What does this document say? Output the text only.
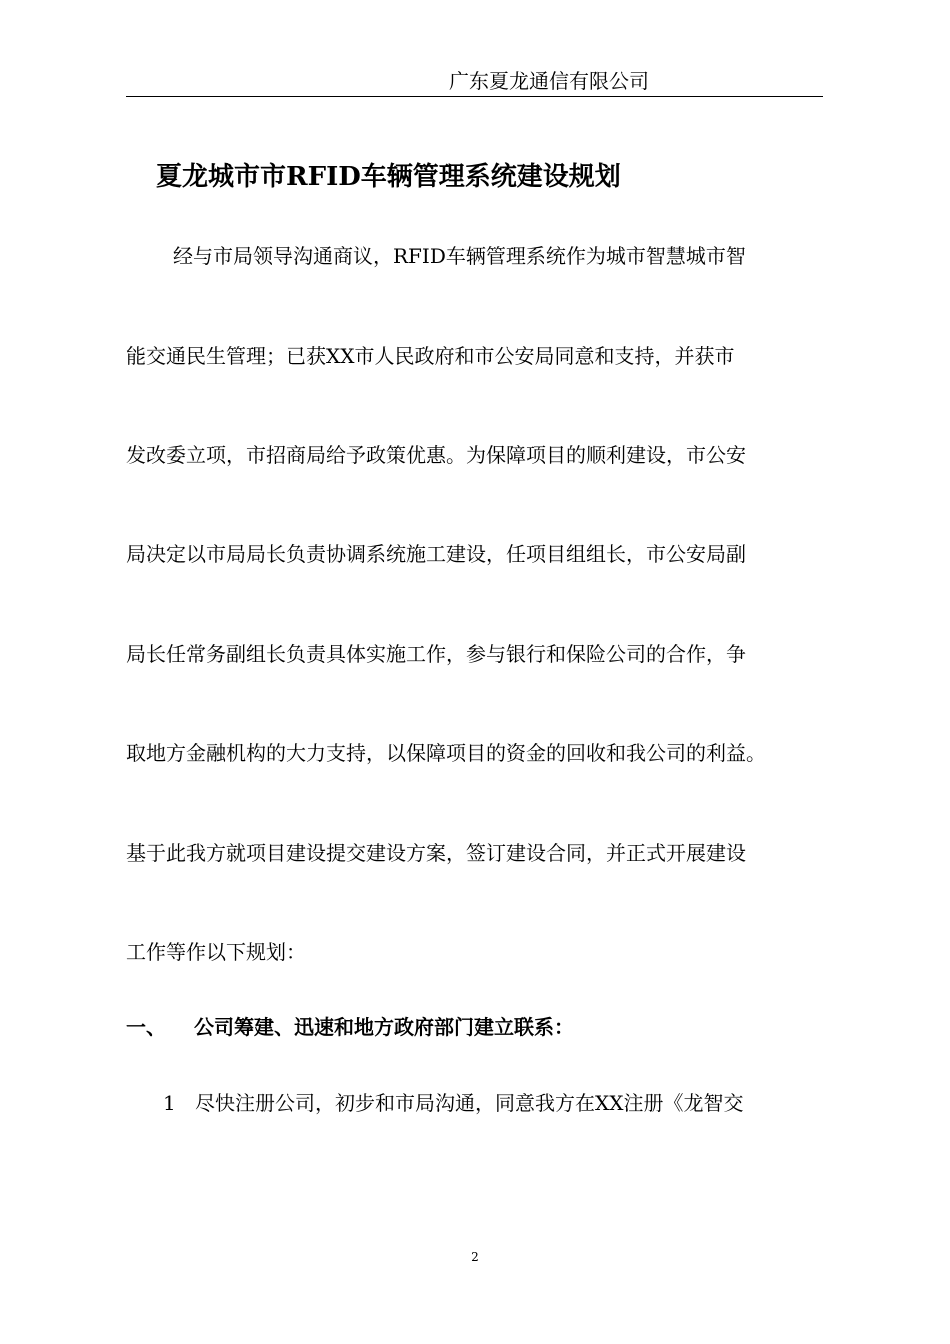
广东夏龙通信有限公司
夏龙城市市RFID车辆管理系统建设规划
经与市局领导沟通商议，RFID车辆管理系统作为城市智慧城市智
能交通民生管理；已获XX市人民政府和市公安局同意和支持，并获市
发改委立项，市招商局给予政策优惠。为保障项目的顺利建设，市公安
局决定以市局局长负责协调系统施工建设，任项目组组长，市公安局副
局长任常务副组长负责具体实施工作，参与银行和保险公司的合作，争
取地方金融机构的大力支持，以保障项目的资金的回收和我公司的利益。
基于此我方就项目建设提交建设方案，签订建设合同，并正式开展建设
工作等作以下规划：
一、 公司筹建、迅速和地方政府部门建立联系：
1 尽快注册公司，初步和市局沟通，同意我方在XX注册《龙智交
2
